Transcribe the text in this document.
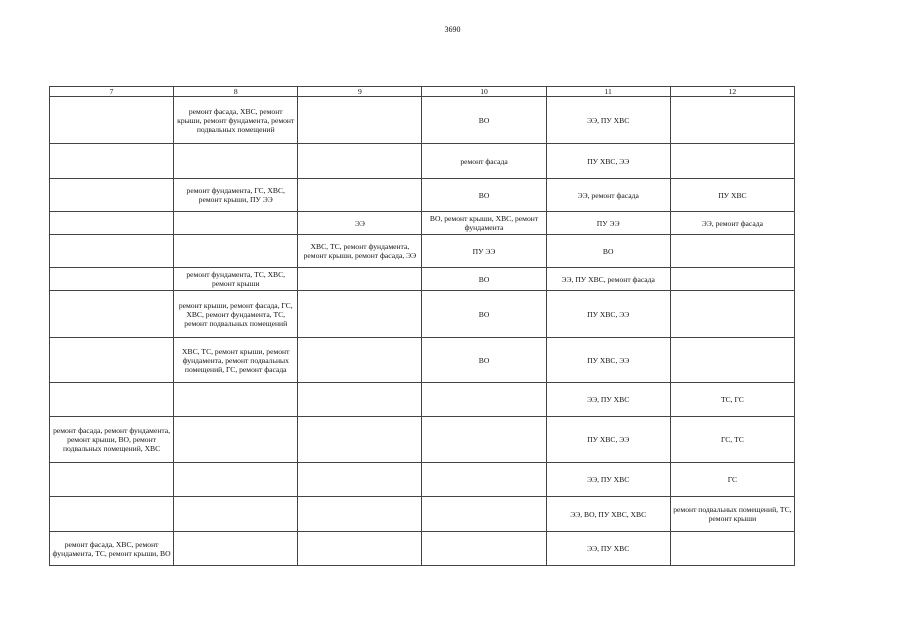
3690
7	8	9	10	11	12
	ремонт фасада, ХВС, ремонт крыши, ремонт фундамента, ремонт подвальных помещений		ВО	ЭЭ, ПУ ХВС	
			ремонт фасада	ПУ ХВС, ЭЭ	
	ремонт фундамента, ГС, ХВС, ремонт крыши, ПУ ЭЭ		ВО	ЭЭ, ремонт фасада	ПУ ХВС
		ЭЭ	ВО, ремонт крыши, ХВС, ремонт фундамента	ПУ ЭЭ	ЭЭ, ремонт фасада
		ХВС, ТС, ремонт фундамента, ремонт крыши, ремонт фасада, ЭЭ	ПУ ЭЭ	ВО	
	ремонт фундамента, ТС, ХВС, ремонт крыши		ВО	ЭЭ, ПУ ХВС, ремонт фасада	
	ремонт крыши, ремонт фасада, ГС, ХВС, ремонт фундамента, ТС, ремонт подвальных помещений		ВО	ПУ ХВС, ЭЭ	
	ХВС, ТС, ремонт крыши, ремонт фундамента, ремонт подвальных помещений, ГС, ремонт фасада		ВО	ПУ ХВС, ЭЭ	
				ЭЭ, ПУ ХВС	ТС, ГС
ремонт фасада, ремонт фундамента, ремонт крыши, ВО, ремонт подвальных помещений, ХВС				ПУ ХВС, ЭЭ	ГС, ТС
				ЭЭ, ПУ ХВС	ГС
				ЭЭ, ВО, ПУ ХВС, ХВС	ремонт подвальных помещений, ТС, ремонт крыши
ремонт фасада, ХВС, ремонт фундамента, ТС, ремонт крыши, ВО				ЭЭ, ПУ ХВС	
